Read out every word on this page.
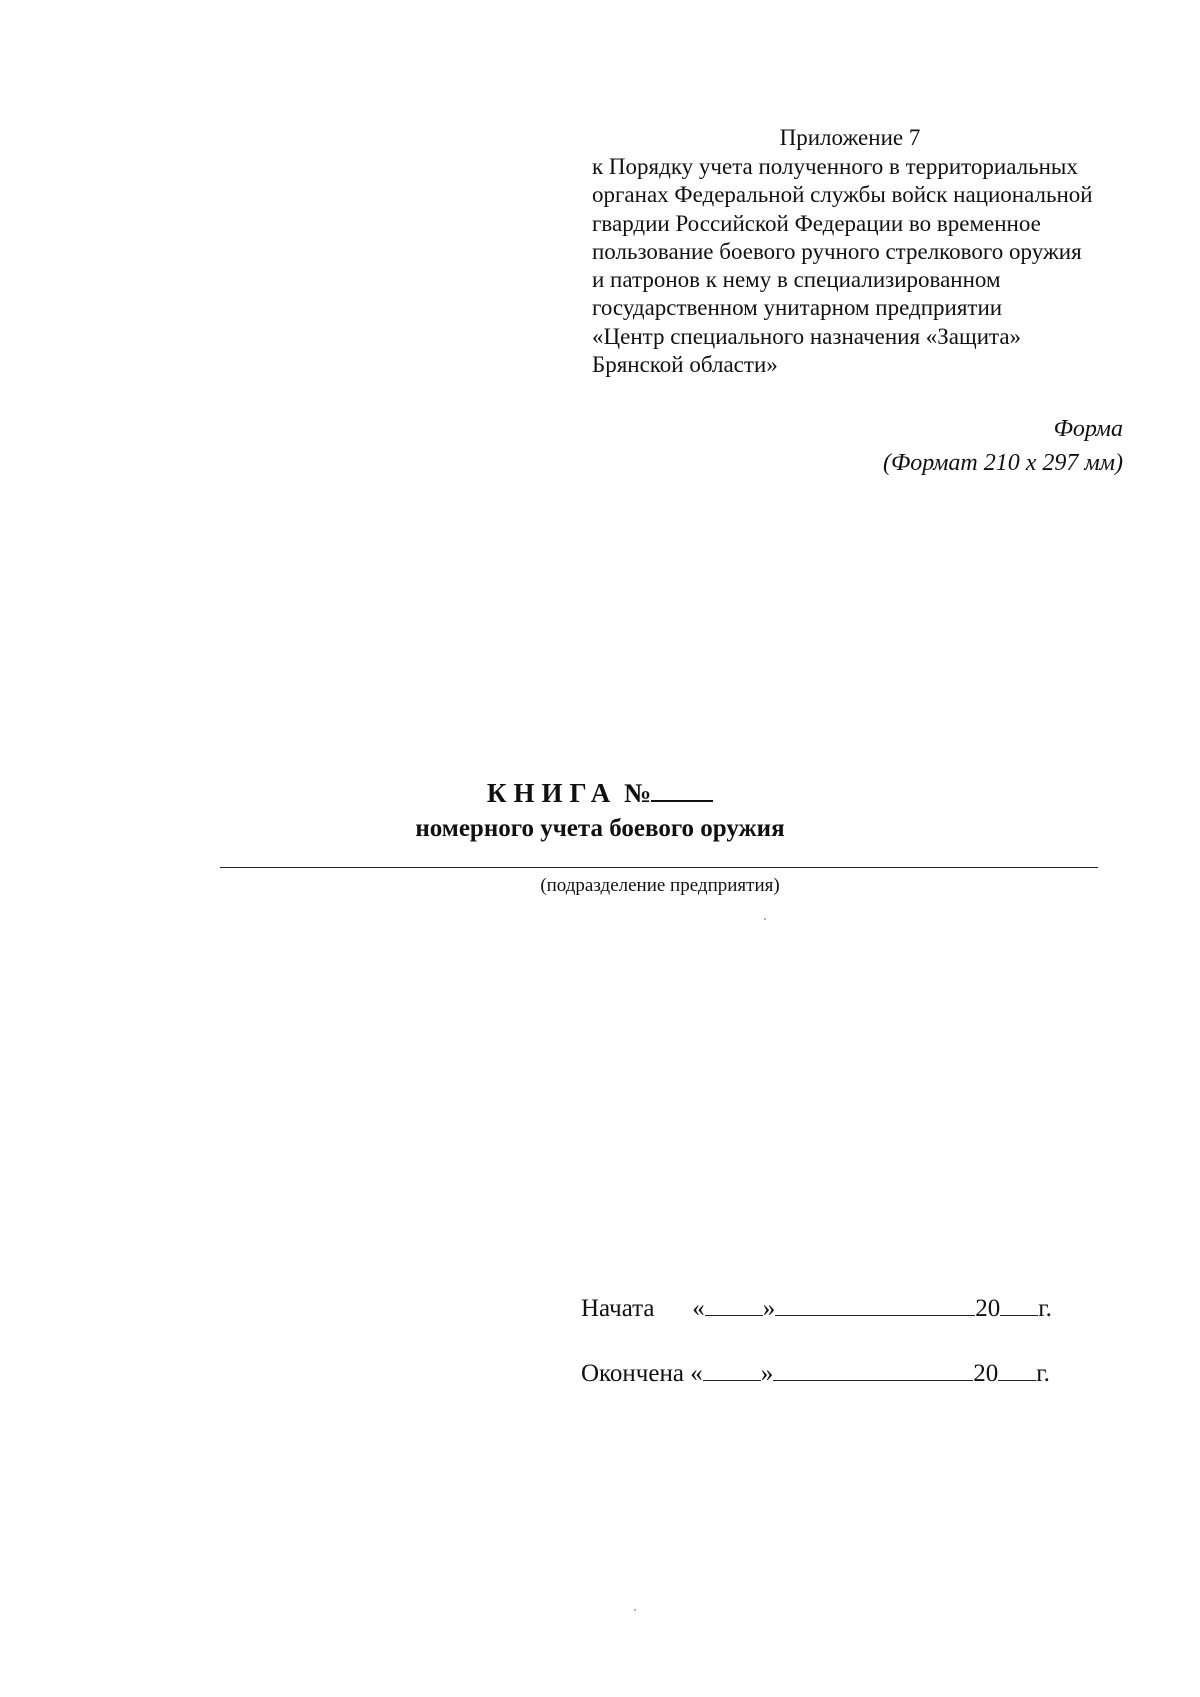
Приложение 7
к Порядку учета полученного в территориальных
органах Федеральной службы войск национальной
гвардии Российской Федерации во временное
пользование боевого ручного стрелкового оружия
и патронов к нему в специализированном
государственном унитарном предприятии
«Центр специального назначения «Защита»
Брянской области»
Форма
(Формат 210 х 297 мм)
КНИГА №
номерного учета боевого оружия
(подразделение предприятия)
Начата « »	20 г.
Окончена « »	20 г.
